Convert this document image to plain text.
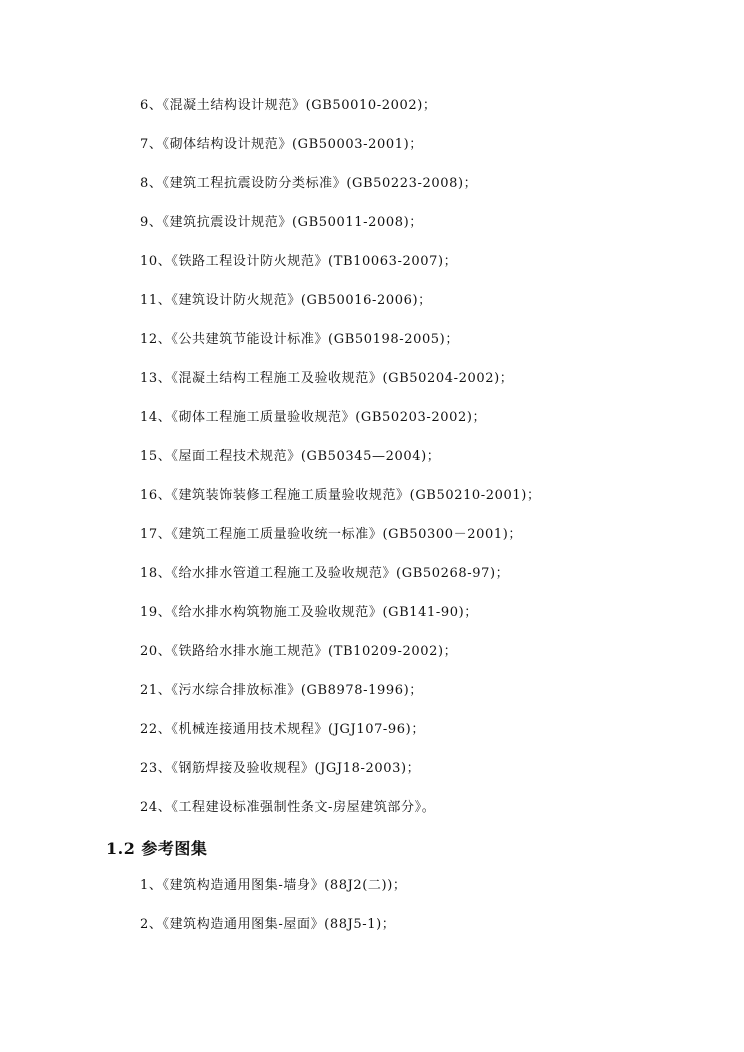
6、《混凝土结构设计规范》(GB50010-2002)；
7、《砌体结构设计规范》(GB50003-2001)；
8、《建筑工程抗震设防分类标准》(GB50223-2008)；
9、《建筑抗震设计规范》(GB50011-2008)；
10、《铁路工程设计防火规范》(TB10063-2007)；
11、《建筑设计防火规范》(GB50016-2006)；
12、《公共建筑节能设计标准》(GB50198-2005)；
13、《混凝土结构工程施工及验收规范》(GB50204-2002)；
14、《砌体工程施工质量验收规范》(GB50203-2002)；
15、《屋面工程技术规范》(GB50345—2004)；
16、《建筑装饰装修工程施工质量验收规范》(GB50210-2001)；
17、《建筑工程施工质量验收统一标准》(GB50300－2001)；
18、《给水排水管道工程施工及验收规范》(GB50268-97)；
19、《给水排水构筑物施工及验收规范》(GB141-90)；
20、《铁路给水排水施工规范》(TB10209-2002)；
21、《污水综合排放标准》(GB8978-1996)；
22、《机械连接通用技术规程》(JGJ107-96)；
23、《钢筋焊接及验收规程》(JGJ18-2003)；
24、《工程建设标准强制性条文-房屋建筑部分》。
1.2 参考图集
1、《建筑构造通用图集-墙身》(88J2(二))；
2、《建筑构造通用图集-屋面》(88J5-1)；
